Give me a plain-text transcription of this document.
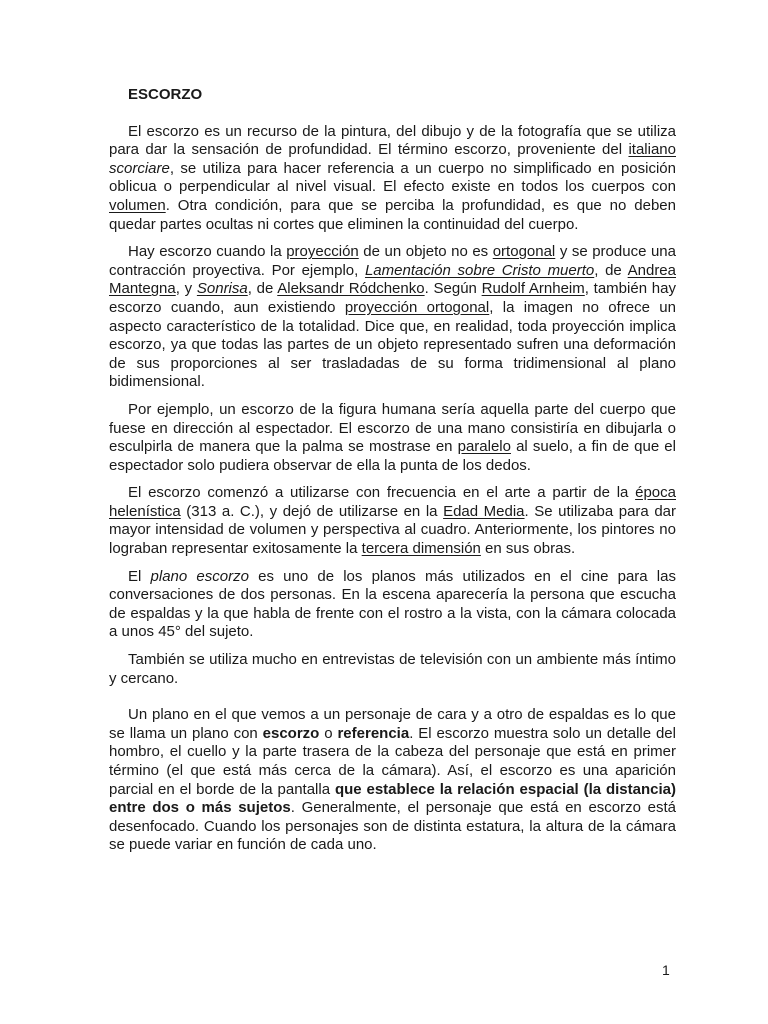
ESCORZO

El escorzo es un recurso de la pintura, del dibujo y de la fotografía que se utiliza para dar la sensación de profundidad. El término escorzo, proveniente del italiano scorciare, se utiliza para hacer referencia a un cuerpo no simplificado en posición oblicua o perpendicular al nivel visual. El efecto existe en todos los cuerpos con volumen. Otra condición, para que se perciba la profundidad, es que no deben quedar partes ocultas ni cortes que eliminen la continuidad del cuerpo.

Hay escorzo cuando la proyección de un objeto no es ortogonal y se produce una contracción proyectiva. Por ejemplo, Lamentación sobre Cristo muerto, de Andrea Mantegna, y Sonrisa, de Aleksandr Ródchenko. Según Rudolf Arnheim, también hay escorzo cuando, aun existiendo proyección ortogonal, la imagen no ofrece un aspecto característico de la totalidad. Dice que, en realidad, toda proyección implica escorzo, ya que todas las partes de un objeto representado sufren una deformación de sus proporciones al ser trasladadas de su forma tridimensional al plano bidimensional.

Por ejemplo, un escorzo de la figura humana sería aquella parte del cuerpo que fuese en dirección al espectador. El escorzo de una mano consistiría en dibujarla o esculpirla de manera que la palma se mostrase en paralelo al suelo, a fin de que el espectador solo pudiera observar de ella la punta de los dedos.

El escorzo comenzó a utilizarse con frecuencia en el arte a partir de la época helenística (313 a. C.), y dejó de utilizarse en la Edad Media. Se utilizaba para dar mayor intensidad de volumen y perspectiva al cuadro. Anteriormente, los pintores no lograban representar exitosamente la tercera dimensión en sus obras.

El plano escorzo es uno de los planos más utilizados en el cine para las conversaciones de dos personas. En la escena aparecería la persona que escucha de espaldas y la que habla de frente con el rostro a la vista, con la cámara colocada a unos 45° del sujeto.

También se utiliza mucho en entrevistas de televisión con un ambiente más íntimo y cercano.

Un plano en el que vemos a un personaje de cara y a otro de espaldas es lo que se llama un plano con escorzo o referencia. El escorzo muestra solo un detalle del hombro, el cuello y la parte trasera de la cabeza del personaje que está en primer término (el que está más cerca de la cámara). Así, el escorzo es una aparición parcial en el borde de la pantalla que establece la relación espacial (la distancia) entre dos o más sujetos. Generalmente, el personaje que está en escorzo está desenfocado. Cuando los personajes son de distinta estatura, la altura de la cámara se puede variar en función de cada uno.

1
